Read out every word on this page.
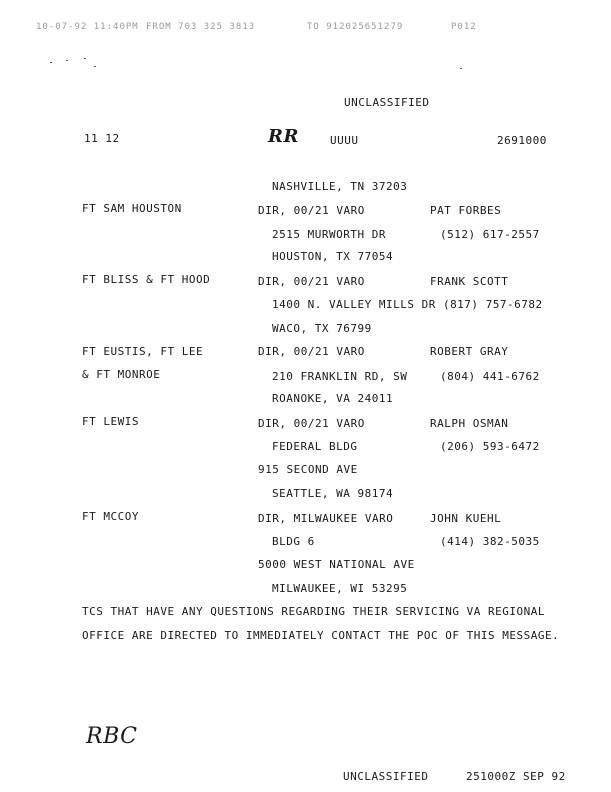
10-07-92 11:40PM FROM 703 325 3813	TO 912025651279	P012
UNCLASSIFIED
11 12	RR	UUUU	2691000
NASHVILLE, TN 37203
FT SAM HOUSTON	DIR, 00/21 VARO	PAT FORBES
2515 MURWORTH DR	(512) 617-2557
HOUSTON, TX 77054
FT BLISS & FT HOOD	DIR, 00/21 VARO	FRANK SCOTT
1400 N. VALLEY MILLS DR (817) 757-6782
WACO, TX 76799
FT EUSTIS, FT LEE
& FT MONROE
DIR, 00/21 VARO	ROBERT GRAY
210 FRANKLIN RD, SW	(804) 441-6762
ROANOKE, VA 24011
FT LEWIS	DIR, 00/21 VARO	RALPH OSMAN
FEDERAL BLDG	(206) 593-6472
915 SECOND AVE
SEATTLE, WA 98174
FT MCCOY	DIR, MILWAUKEE VARO	JOHN KUEHL
BLDG 6	(414) 382-5035
5000 WEST NATIONAL AVE
MILWAUKEE, WI 53295
TCS THAT HAVE ANY QUESTIONS REGARDING THEIR SERVICING VA REGIONAL
OFFICE ARE DIRECTED TO IMMEDIATELY CONTACT THE POC OF THIS MESSAGE.
RBC
UNCLASSIFIED	251000Z SEP 92
